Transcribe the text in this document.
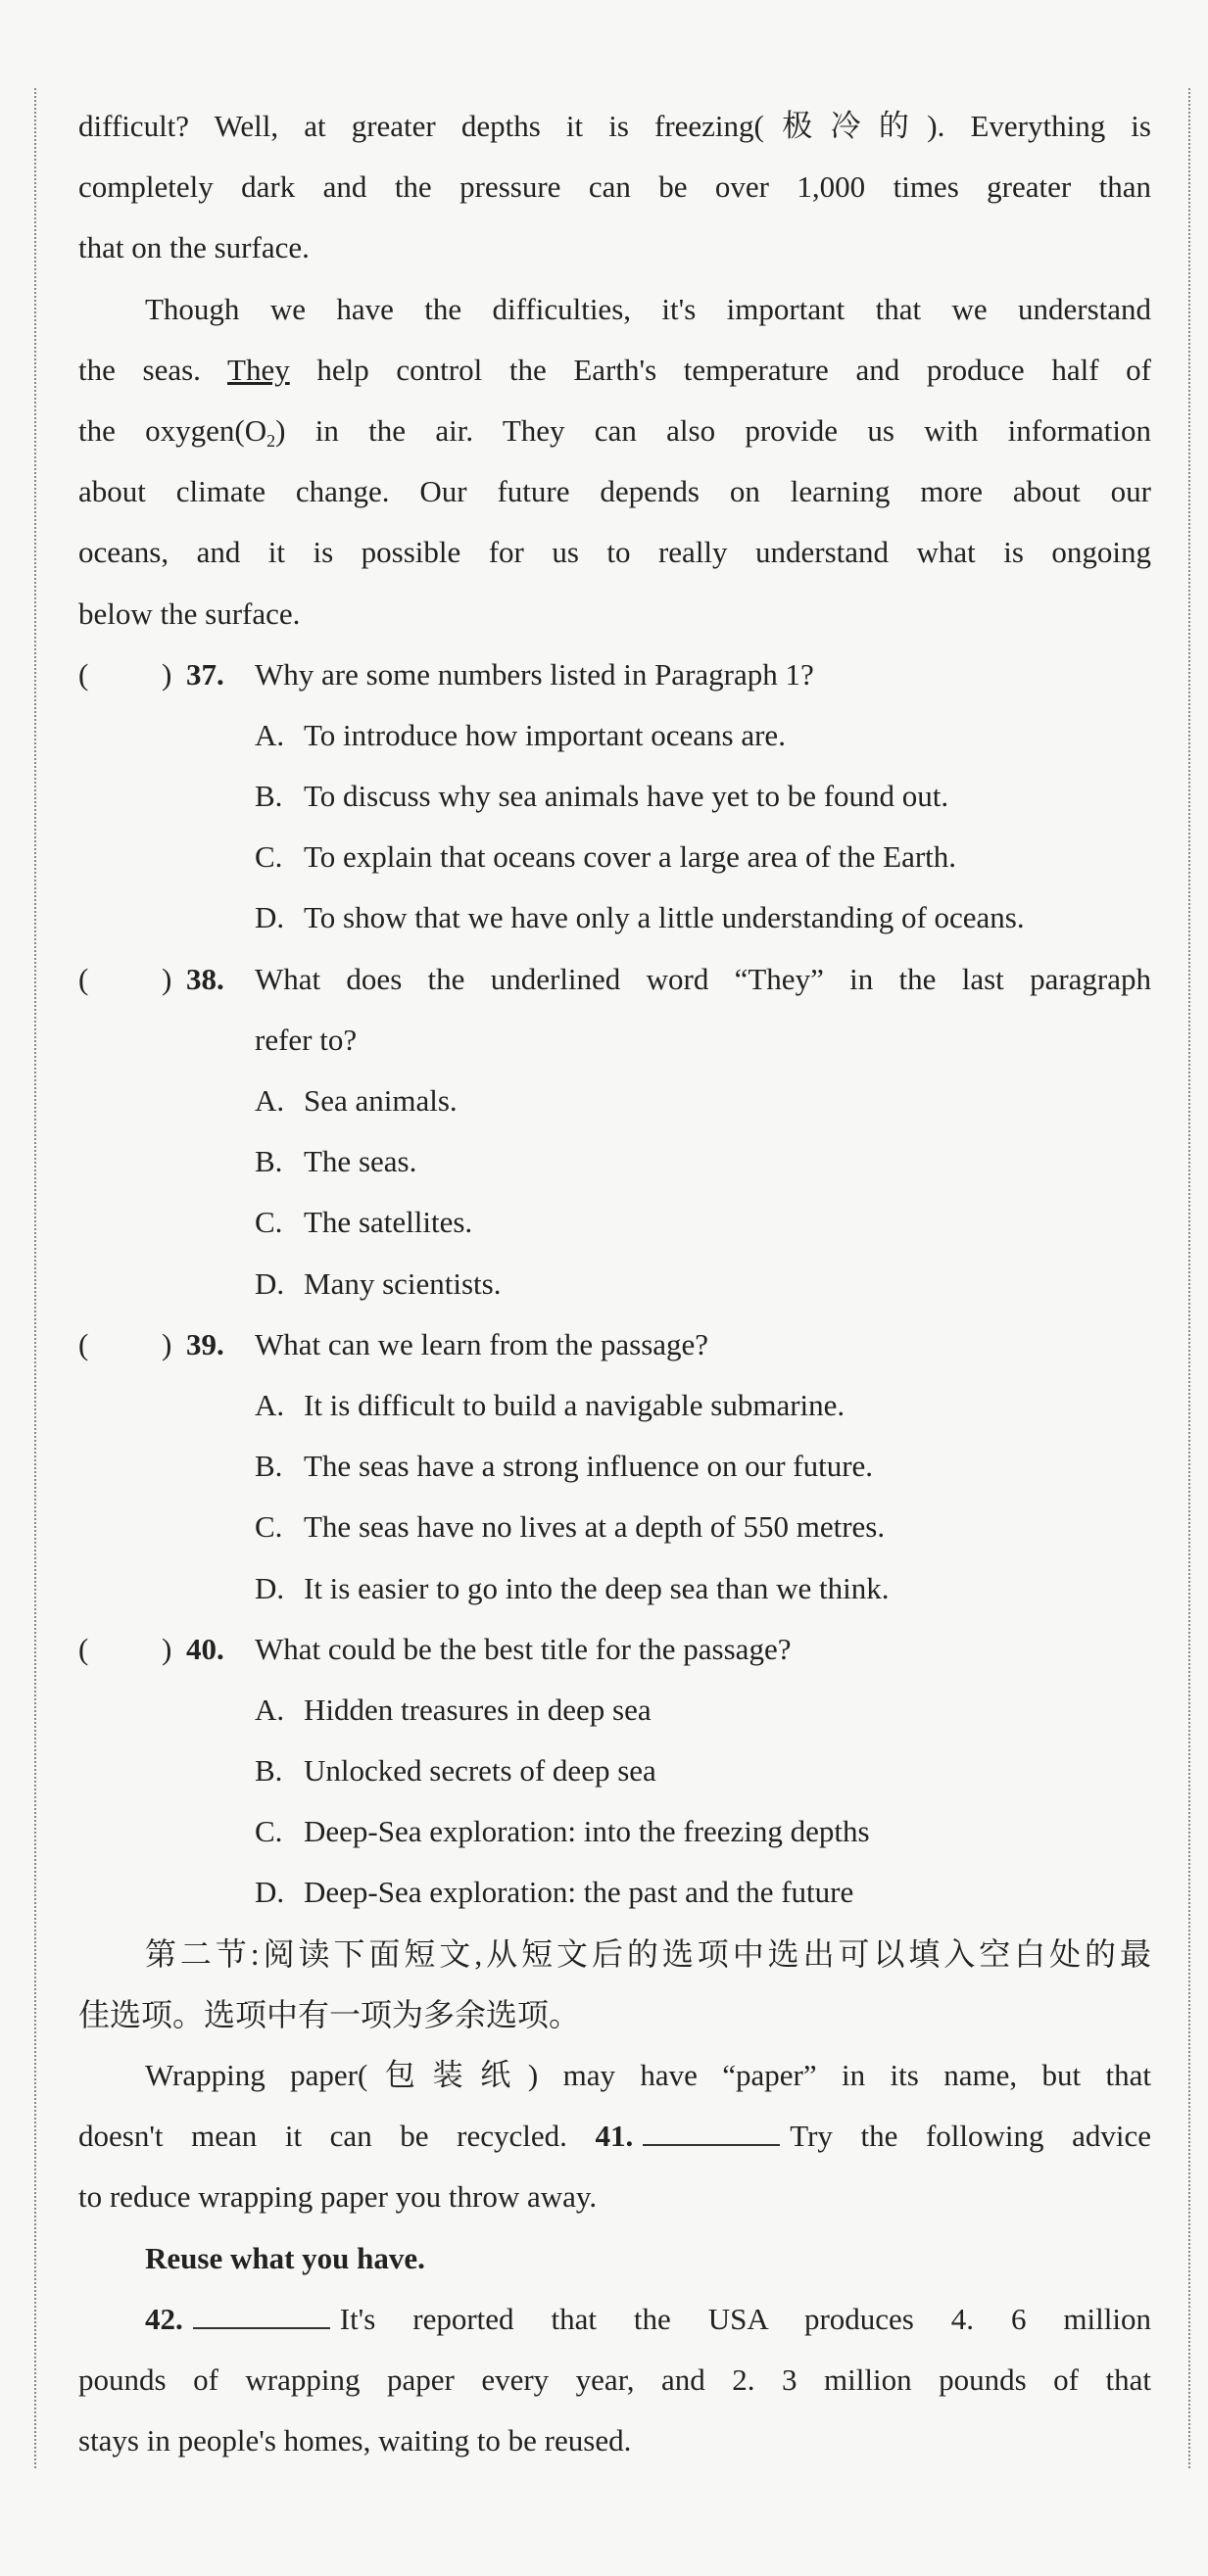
difficult? Well, at greater depths it is freezing(极冷的). Everything is
completely dark and the pressure can be over 1,000 times greater than
that on the surface.
Though we have the difficulties, it's important that we understand
the seas. They help control the Earth's temperature and produce half of
the $oxygen(O_2)$ in the air. They can also provide us with information
about climate change. Our future depends on learning more about our
oceans, and it is possible for us to really understand what is ongoing
below the surface.
( ) 37. Why are some numbers listed in Paragraph 1?
A. To introduce how important oceans are.
B. To discuss why sea animals have yet to be found out.
C. To explain that oceans cover a large area of the Earth.
D. To show that we have only a little understanding of oceans.
( ) 38. What does the underlined word “They” in the last paragraph
refer to?
A. Sea animals.
B. The seas.
C. The satellites.
D. Many scientists.
( ) 39. What can we learn from the passage?
A. It is difficult to build a navigable submarine.
B. The seas have a strong influence on our future.
C. The seas have no lives at a depth of 550 metres.
D. It is easier to go into the deep sea than we think.
( ) 40. What could be the best title for the passage?
A. Hidden treasures in deep sea
B. Unlocked secrets of deep sea
C. Deep-Sea exploration: into the freezing depths
D. Deep-Sea exploration: the past and the future
第二节:阅读下面短文,从短文后的选项中选出可以填入空白处的最
佳选项。选项中有一项为多余选项。
Wrapping paper(包装纸) may have “paper” in its name, but that
doesn't mean it can be recycled. 41.	Try the following advice
to reduce wrapping paper you throw away.
Reuse what you have.
42.	It's reported that the USA produces 4. 6 million
pounds of wrapping paper every year, and 2. 3 million pounds of that
stays in people's homes, waiting to be reused.
